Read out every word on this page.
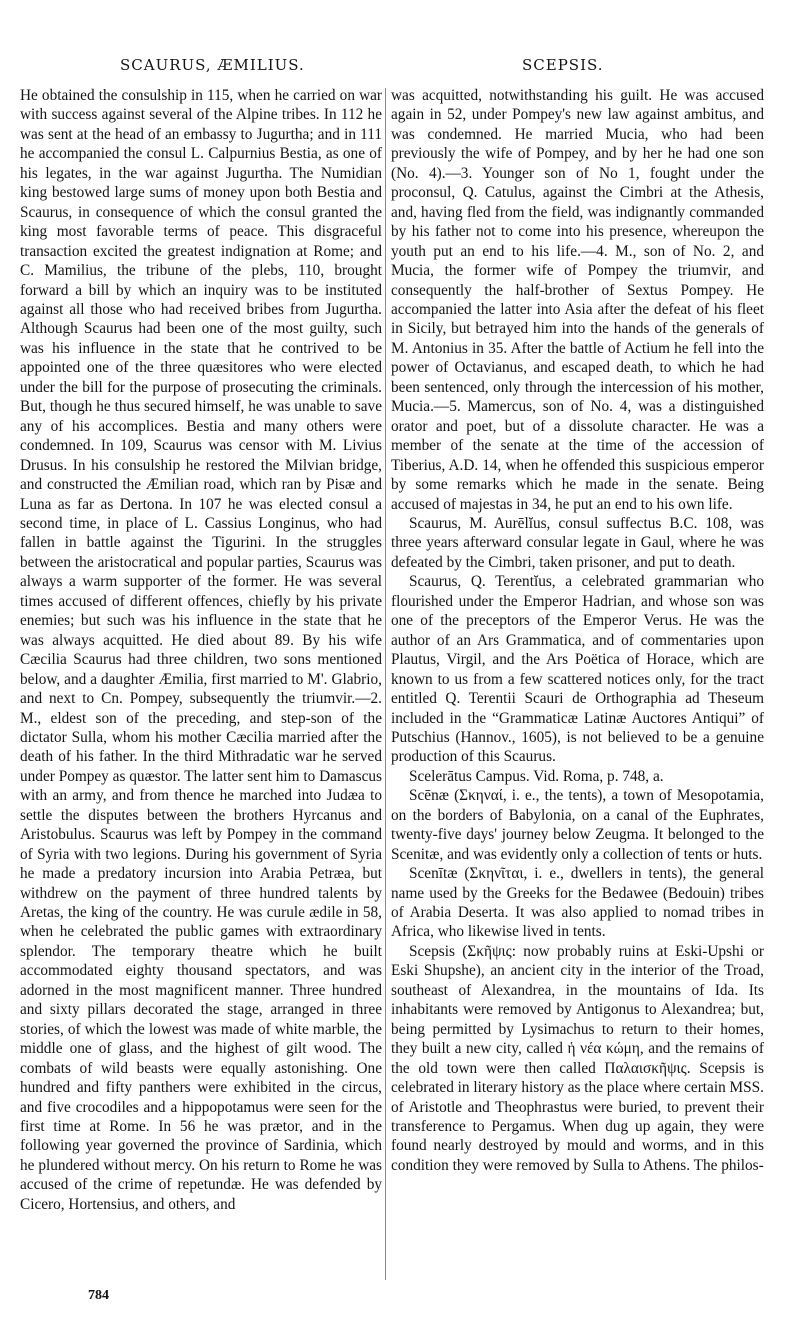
SCAURUS, ÆMILIUS.	SCEPSIS.

He obtained the consulship in 115, when he carried on war with success against several of the Alpine tribes. In 112 he was sent at the head of an embassy to Jugurtha; and in 111 he accompanied the consul L. Calpurnius Bestia, as one of his legates, in the war against Jugurtha. The Numidian king bestowed large sums of money upon both Bestia and Scaurus, in consequence of which the consul granted the king most favorable terms of peace. This disgraceful transaction excited the greatest indignation at Rome; and C. Mamilius, the tribune of the plebs, 110, brought forward a bill by which an inquiry was to be instituted against all those who had received bribes from Jugurtha. Although Scaurus had been one of the most guilty, such was his influence in the state that he contrived to be appointed one of the three quæsitores who were elected under the bill for the purpose of prosecuting the criminals. But, though he thus secured himself, he was unable to save any of his accomplices. Bestia and many others were condemned. In 109, Scaurus was censor with M. Livius Drusus. In his consulship he restored the Milvian bridge, and constructed the Æmilian road, which ran by Pisæ and Luna as far as Dertona. In 107 he was elected consul a second time, in place of L. Cassius Longinus, who had fallen in battle against the Tigurini. In the struggles between the aristocratical and popular parties, Scaurus was always a warm supporter of the former. He was several times accused of different offences, chiefly by his private enemies; but such was his influence in the state that he was always acquitted. He died about 89. By his wife Cæcilia Scaurus had three children, two sons mentioned below, and a daughter Æmilia, first married to M'. Glabrio, and next to Cn. Pompey, subsequently the triumvir.—2. M., eldest son of the preceding, and step-son of the dictator Sulla, whom his mother Cæcilia married after the death of his father. In the third Mithradatic war he served under Pompey as quæstor. The latter sent him to Damascus with an army, and from thence he marched into Judæa to settle the disputes between the brothers Hyrcanus and Aristobulus. Scaurus was left by Pompey in the command of Syria with two legions. During his government of Syria he made a predatory incursion into Arabia Petræa, but withdrew on the payment of three hundred talents by Aretas, the king of the country. He was curule ædile in 58, when he celebrated the public games with extraordinary splendor. The temporary theatre which he built accommodated eighty thousand spectators, and was adorned in the most magnificent manner. Three hundred and sixty pillars decorated the stage, arranged in three stories, of which the lowest was made of white marble, the middle one of glass, and the highest of gilt wood. The combats of wild beasts were equally astonishing. One hundred and fifty panthers were exhibited in the circus, and five crocodiles and a hippopotamus were seen for the first time at Rome. In 56 he was prætor, and in the following year governed the province of Sardinia, which he plundered without mercy. On his return to Rome he was accused of the crime of repetundæ. He was defended by Cicero, Hortensius, and others, and

was acquitted, notwithstanding his guilt. He was accused again in 52, under Pompey's new law against ambitus, and was condemned. He married Mucia, who had been previously the wife of Pompey, and by her he had one son (No. 4).—3. Younger son of No 1, fought under the proconsul, Q. Catulus, against the Cimbri at the Athesis, and, having fled from the field, was indignantly commanded by his father not to come into his presence, whereupon the youth put an end to his life.—4. M., son of No. 2, and Mucia, the former wife of Pompey the triumvir, and consequently the half-brother of Sextus Pompey. He accompanied the latter into Asia after the defeat of his fleet in Sicily, but betrayed him into the hands of the generals of M. Antonius in 35. After the battle of Actium he fell into the power of Octavianus, and escaped death, to which he had been sentenced, only through the intercession of his mother, Mucia.—5. Mamercus, son of No. 4, was a distinguished orator and poet, but of a dissolute character. He was a member of the senate at the time of the accession of Tiberius, A.D. 14, when he offended this suspicious emperor by some remarks which he made in the senate. Being accused of majestas in 34, he put an end to his own life.

Scaurus, M. Aurēlĭus, consul suffectus B.C. 108, was three years afterward consular legate in Gaul, where he was defeated by the Cimbri, taken prisoner, and put to death.

Scaurus, Q. Terentĭus, a celebrated grammarian who flourished under the Emperor Hadrian, and whose son was one of the preceptors of the Emperor Verus. He was the author of an Ars Grammatica, and of commentaries upon Plautus, Virgil, and the Ars Poëtica of Horace, which are known to us from a few scattered notices only, for the tract entitled Q. Terentii Scauri de Orthographia ad Theseum included in the “Grammaticæ Latinæ Auctores Antiqui” of Putschius (Hannov., 1605), is not believed to be a genuine production of this Scaurus.

Scelerātus Campus. Vid. Roma, p. 748, a.

Scēnæ (Σκηναί, i. e., the tents), a town of Mesopotamia, on the borders of Babylonia, on a canal of the Euphrates, twenty-five days' journey below Zeugma. It belonged to the Scenitæ, and was evidently only a collection of tents or huts.

Scenītæ (Σκηνῖται, i. e., dwellers in tents), the general name used by the Greeks for the Bedawee (Bedouin) tribes of Arabia Deserta. It was also applied to nomad tribes in Africa, who likewise lived in tents.

Scepsis (Σκῆψις: now probably ruins at Eski-Upshi or Eski Shupshe), an ancient city in the interior of the Troad, southeast of Alexandrea, in the mountains of Ida. Its inhabitants were removed by Antigonus to Alexandrea; but, being permitted by Lysimachus to return to their homes, they built a new city, called ἡ νέα κώμη, and the remains of the old town were then called Παλαισκῆψις. Scepsis is celebrated in literary history as the place where certain MSS. of Aristotle and Theophrastus were buried, to prevent their transference to Pergamus. When dug up again, they were found nearly destroyed by mould and worms, and in this condition they were removed by Sulla to Athens. The philos-

784
